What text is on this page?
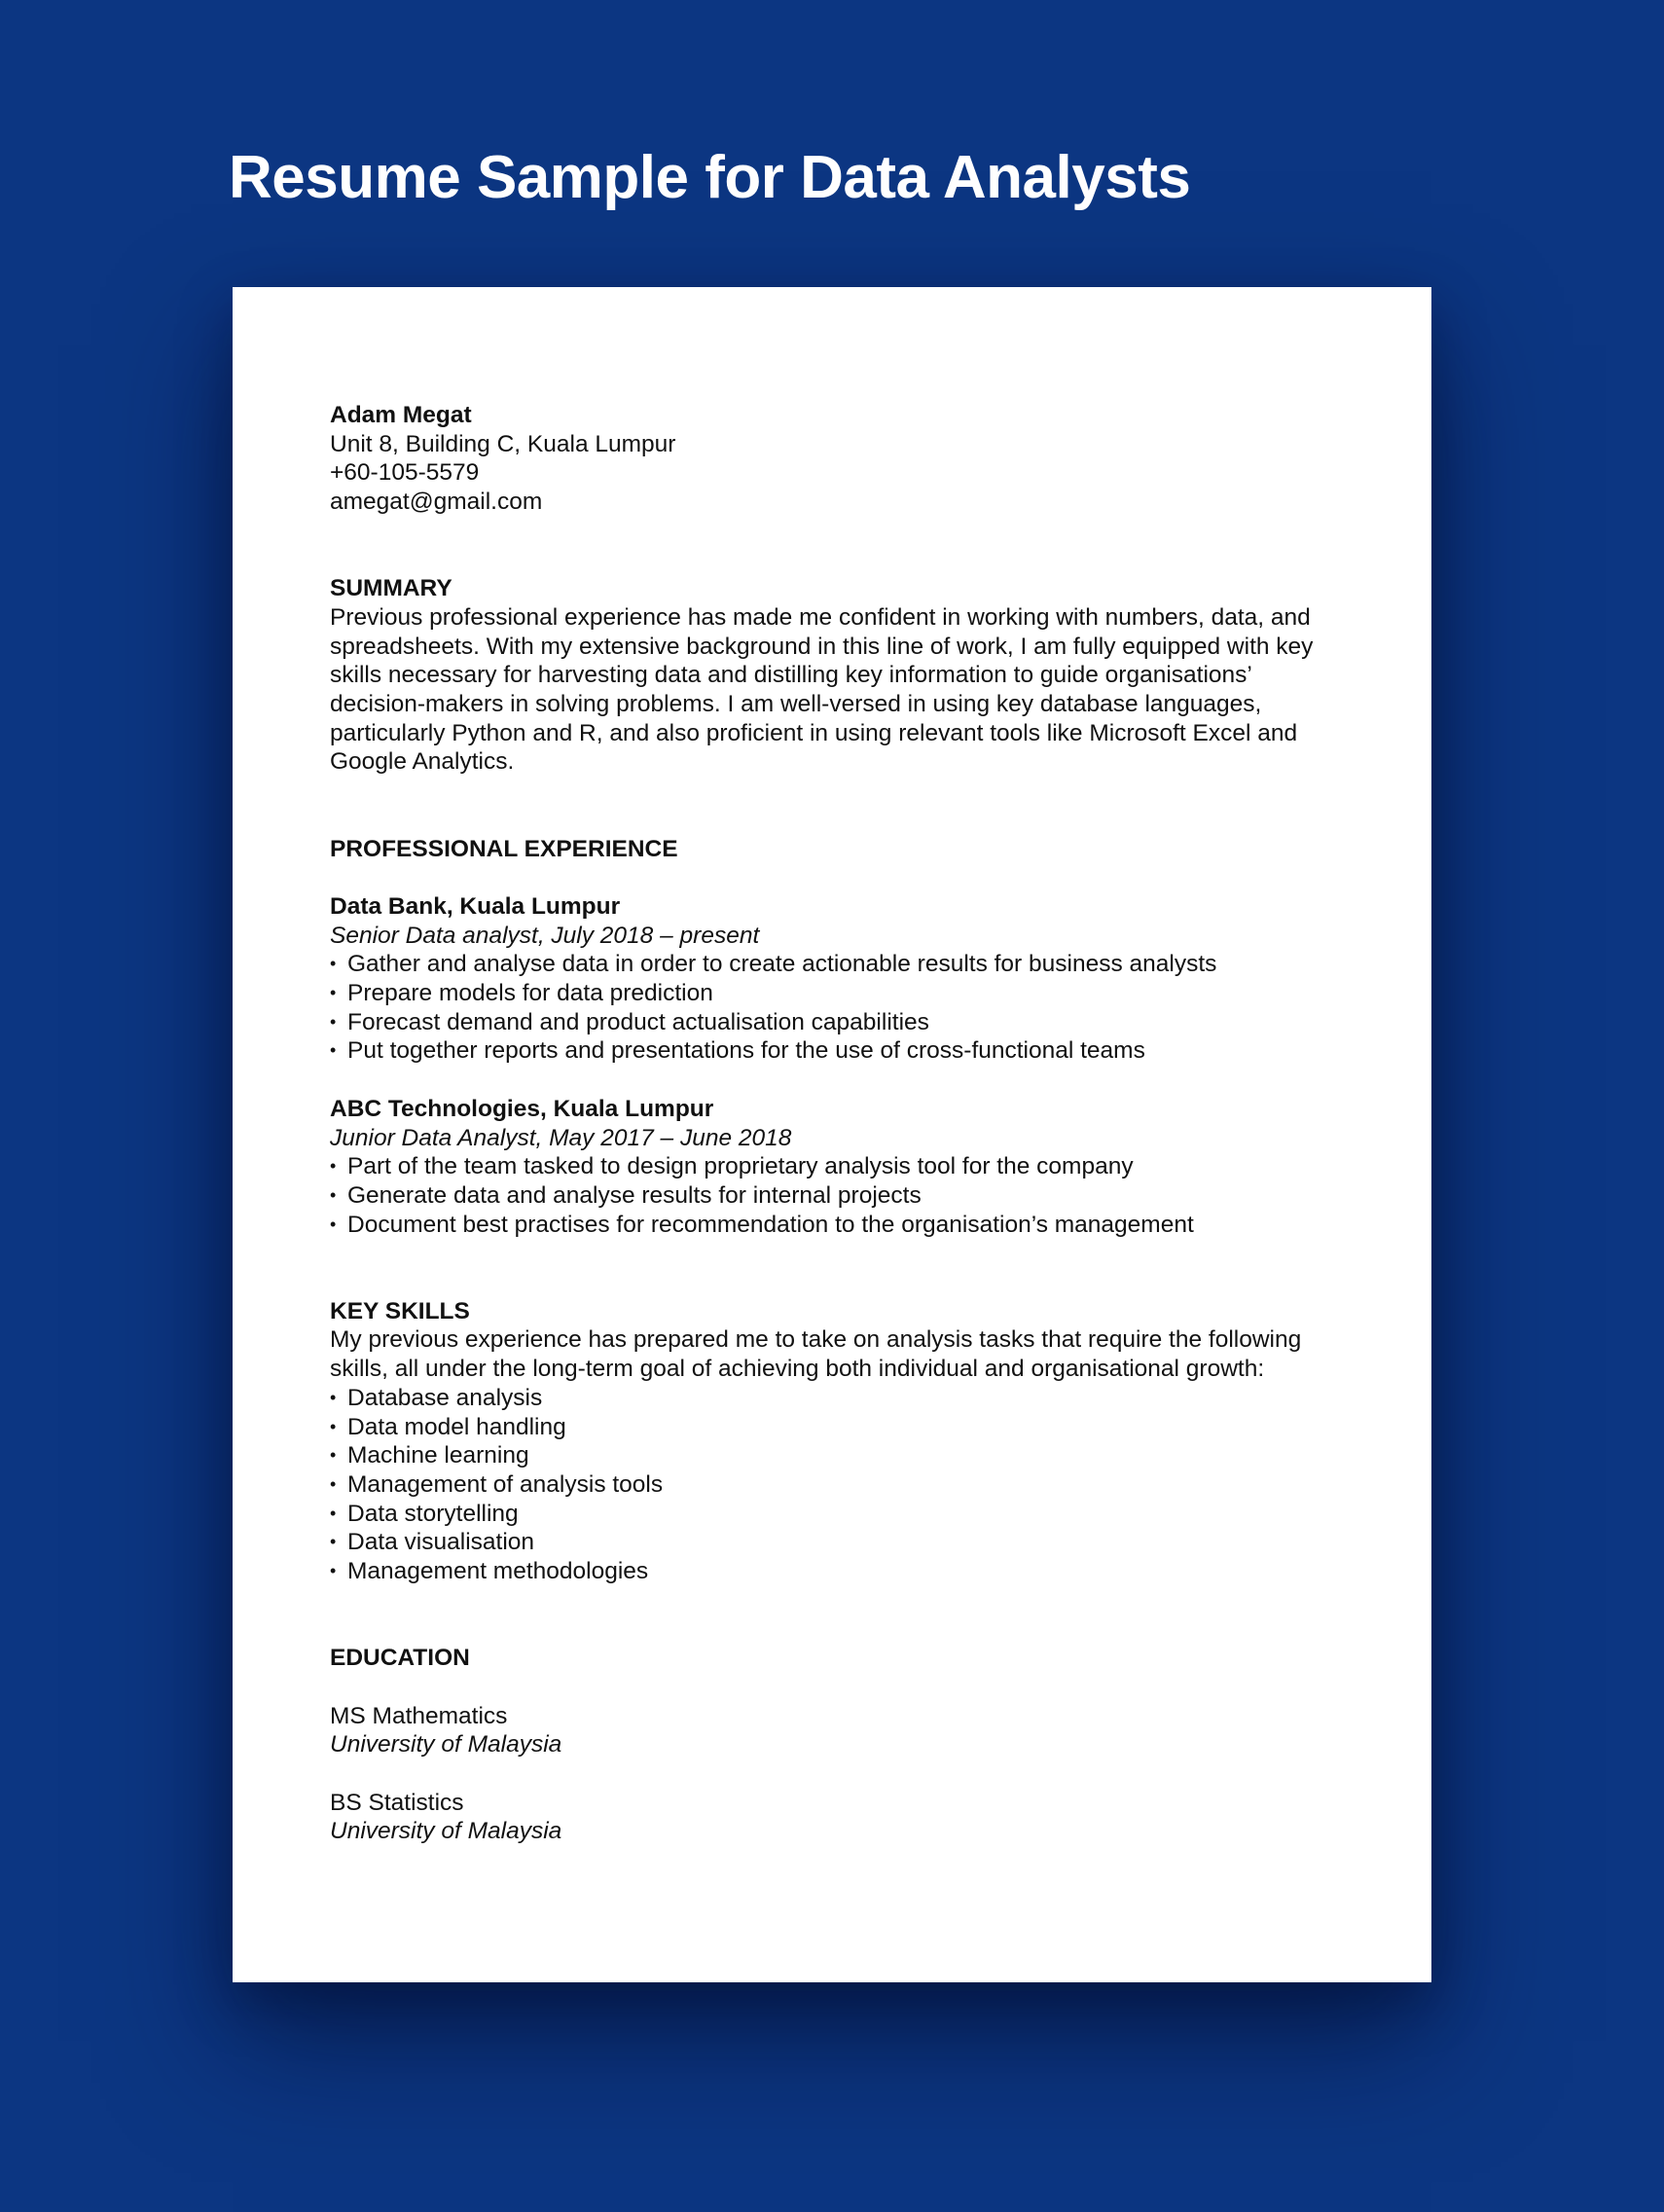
Resume Sample for Data Analysts
Adam Megat
Unit 8, Building C, Kuala Lumpur
+60-105-5579
amegat@gmail.com
SUMMARY
Previous professional experience has made me confident in working with numbers, data, and
spreadsheets. With my extensive background in this line of work, I am fully equipped with key
skills necessary for harvesting data and distilling key information to guide organisations’
decision-makers in solving problems. I am well-versed in using key database languages,
particularly Python and R, and also proficient in using relevant tools like Microsoft Excel and
Google Analytics.
PROFESSIONAL EXPERIENCE
Data Bank, Kuala Lumpur
Senior Data analyst, July 2018 – present
• Gather and analyse data in order to create actionable results for business analysts
• Prepare models for data prediction
• Forecast demand and product actualisation capabilities
• Put together reports and presentations for the use of cross-functional teams
ABC Technologies, Kuala Lumpur
Junior Data Analyst, May 2017 – June 2018
• Part of the team tasked to design proprietary analysis tool for the company
• Generate data and analyse results for internal projects
• Document best practises for recommendation to the organisation’s management
KEY SKILLS
My previous experience has prepared me to take on analysis tasks that require the following
skills, all under the long-term goal of achieving both individual and organisational growth:
• Database analysis
• Data model handling
• Machine learning
• Management of analysis tools
• Data storytelling
• Data visualisation
• Management methodologies
EDUCATION
MS Mathematics
University of Malaysia
BS Statistics
University of Malaysia
